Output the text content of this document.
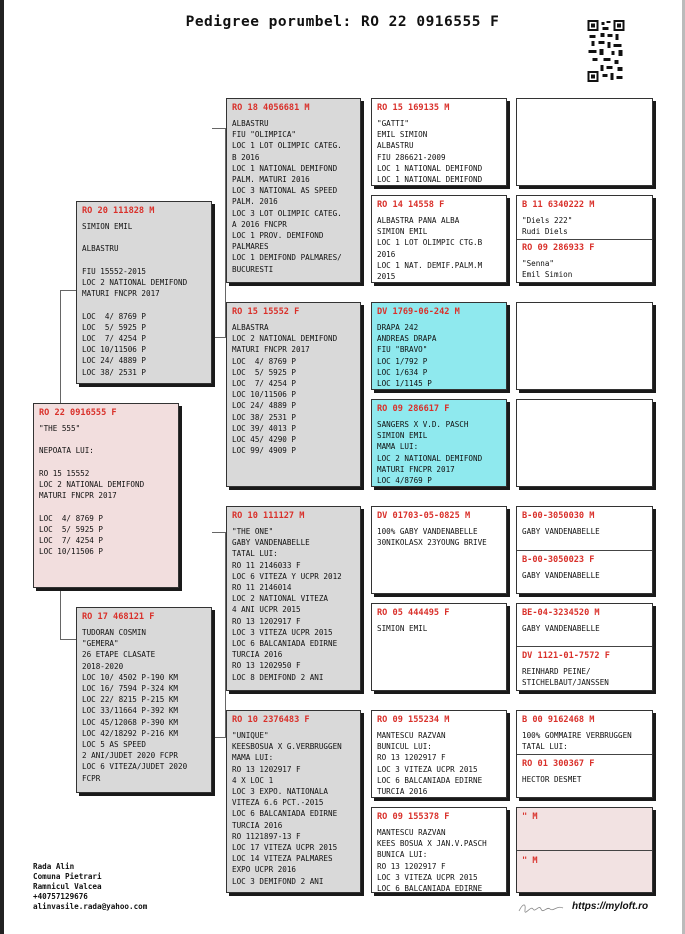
Pedigree porumbel: RO 22 0916555 F
RO 22 0916555 F
"THE 555"

NEPOATA LUI:

RO 15 15552
LOC 2 NATIONAL DEMIFOND
MATURI FNCPR 2017

LOC  4/ 8769 P
LOC  5/ 5925 P
LOC  7/ 4254 P
LOC 10/11506 P
RO 20 111828 M
SIMION EMIL

ALBASTRU

FIU 15552-2015
LOC 2 NATIONAL DEMIFOND
MATURI FNCPR 2017

LOC  4/ 8769 P
LOC  5/ 5925 P
LOC  7/ 4254 P
LOC 10/11506 P
LOC 24/ 4889 P
LOC 38/ 2531 P
RO 17 468121 F
TUDORAN COSMIN
"GEMERA"
26 ETAPE CLASATE
2018-2020
LOC 10/ 4502 P-190 KM
LOC 16/ 7594 P-324 KM
LOC 22/ 8215 P-215 KM
LOC 33/11664 P-392 KM
LOC 45/12068 P-390 KM
LOC 42/18292 P-216 KM
LOC 5 AS SPEED
2 ANI/JUDET 2020 FCPR
LOC 6 VITEZA/JUDET 2020
FCPR
RO 18 4056681 M
ALBASTRU
FIU "OLIMPICA"
LOC 1 LOT OLIMPIC CATEG.
B 2016
LOC 1 NATIONAL DEMIFOND
PALM. MATURI 2016
LOC 3 NATIONAL AS SPEED
PALM. 2016
LOC 3 LOT OLIMPIC CATEG.
A 2016 FNCPR
LOC 1 PROV. DEMIFOND
PALMARES
LOC 1 DEMIFOND PALMARES/
BUCURESTI
RO 15 15552 F
ALBASTRA
LOC 2 NATIONAL DEMIFOND
MATURI FNCPR 2017
LOC  4/ 8769 P
LOC  5/ 5925 P
LOC  7/ 4254 P
LOC 10/11506 P
LOC 24/ 4889 P
LOC 38/ 2531 P
LOC 39/ 4013 P
LOC 45/ 4290 P
LOC 99/ 4909 P
RO 10 111127 M
"THE ONE"
GABY VANDENABELLE
TATAL LUI:
RO 11 2146033 F
LOC 6 VITEZA Y UCPR 2012
RO 11 2146014
LOC 2 NATIONAL VITEZA
4 ANI UCPR 2015
RO 13 1202917 F
LOC 3 VITEZA UCPR 2015
LOC 6 BALCANIADA EDIRNE
TURCIA 2016
RO 13 1202950 F
LOC 8 DEMIFOND 2 ANI
RO 10 2376483 F
"UNIQUE"
KEESBOSUA X G.VERBRUGGEN
MAMA LUI:
RO 13 1202917 F
4 X LOC 1
LOC 3 EXPO. NATIONALA
VITEZA 6.6 PCT.-2015
LOC 6 BALCANIADA EDIRNE
TURCIA 2016
RO 1121897-13 F
LOC 17 VITEZA UCPR 2015
LOC 14 VITEZA PALMARES
EXPO UCPR 2016
LOC 3 DEMIFOND 2 ANI
RO 15 169135 M
"GATTI"
EMIL SIMION
ALBASTRU
FIU 286621-2009
LOC 1 NATIONAL DEMIFOND
LOC 1 NATIONAL DEMIFOND
RO 14 14558 F
ALBASTRA PANA ALBA
SIMION EMIL
LOC 1 LOT OLIMPIC CTG.B
2016
LOC 1 NAT. DEMIF.PALM.M
2015
DV 1769-06-242 M
DRAPA 242
ANDREAS DRAPA
FIU "BRAVO"
LOC 1/792 P
LOC 1/634 P
LOC 1/1145 P
RO 09 286617 F
SANGERS X V.D. PASCH
SIMION EMIL
MAMA LUI:
LOC 2 NATIONAL DEMIFOND
MATURI FNCPR 2017
LOC 4/8769 P
DV 01703-05-0825 M
100% GABY VANDENABELLE
30NIKOLASX 23YOUNG BRIVE
RO 05 444495 F
SIMION EMIL
RO 09 155234 M
MANTESCU RAZVAN
BUNICUL LUI:
RO 13 1202917 F
LOC 3 VITEZA UCPR 2015
LOC 6 BALCANIADA EDIRNE
TURCIA 2016
RO 09 155378 F
MANTESCU RAZVAN
KEES BOSUA X JAN.V.PASCH
BUNICA LUI:
RO 13 1202917 F
LOC 3 VITEZA UCPR 2015
LOC 6 BALCANIADA EDIRNE
B 11 6340222 M
"Diels 222"
Rudi Diels
RO 09 286933 F
"Senna"
Emil Simion
B-00-3050030 M
GABY VANDENABELLE
B-00-3050023 F
GABY VANDENABELLE
BE-04-3234520 M
GABY VANDENABELLE
DV 1121-01-7572 F
REINHARD PEINE/
STICHELBAUT/JANSSEN
B 00 9162468 M
100% GOMMAIRE VERBRUGGEN
TATAL LUI:
RO 01 300367 F
HECTOR DESMET
" M
" M
Rada Alin
Comuna Pietrari
Ramnicul Valcea
+40757129676
alinvasile.rada@yahoo.com	https://myloft.ro
